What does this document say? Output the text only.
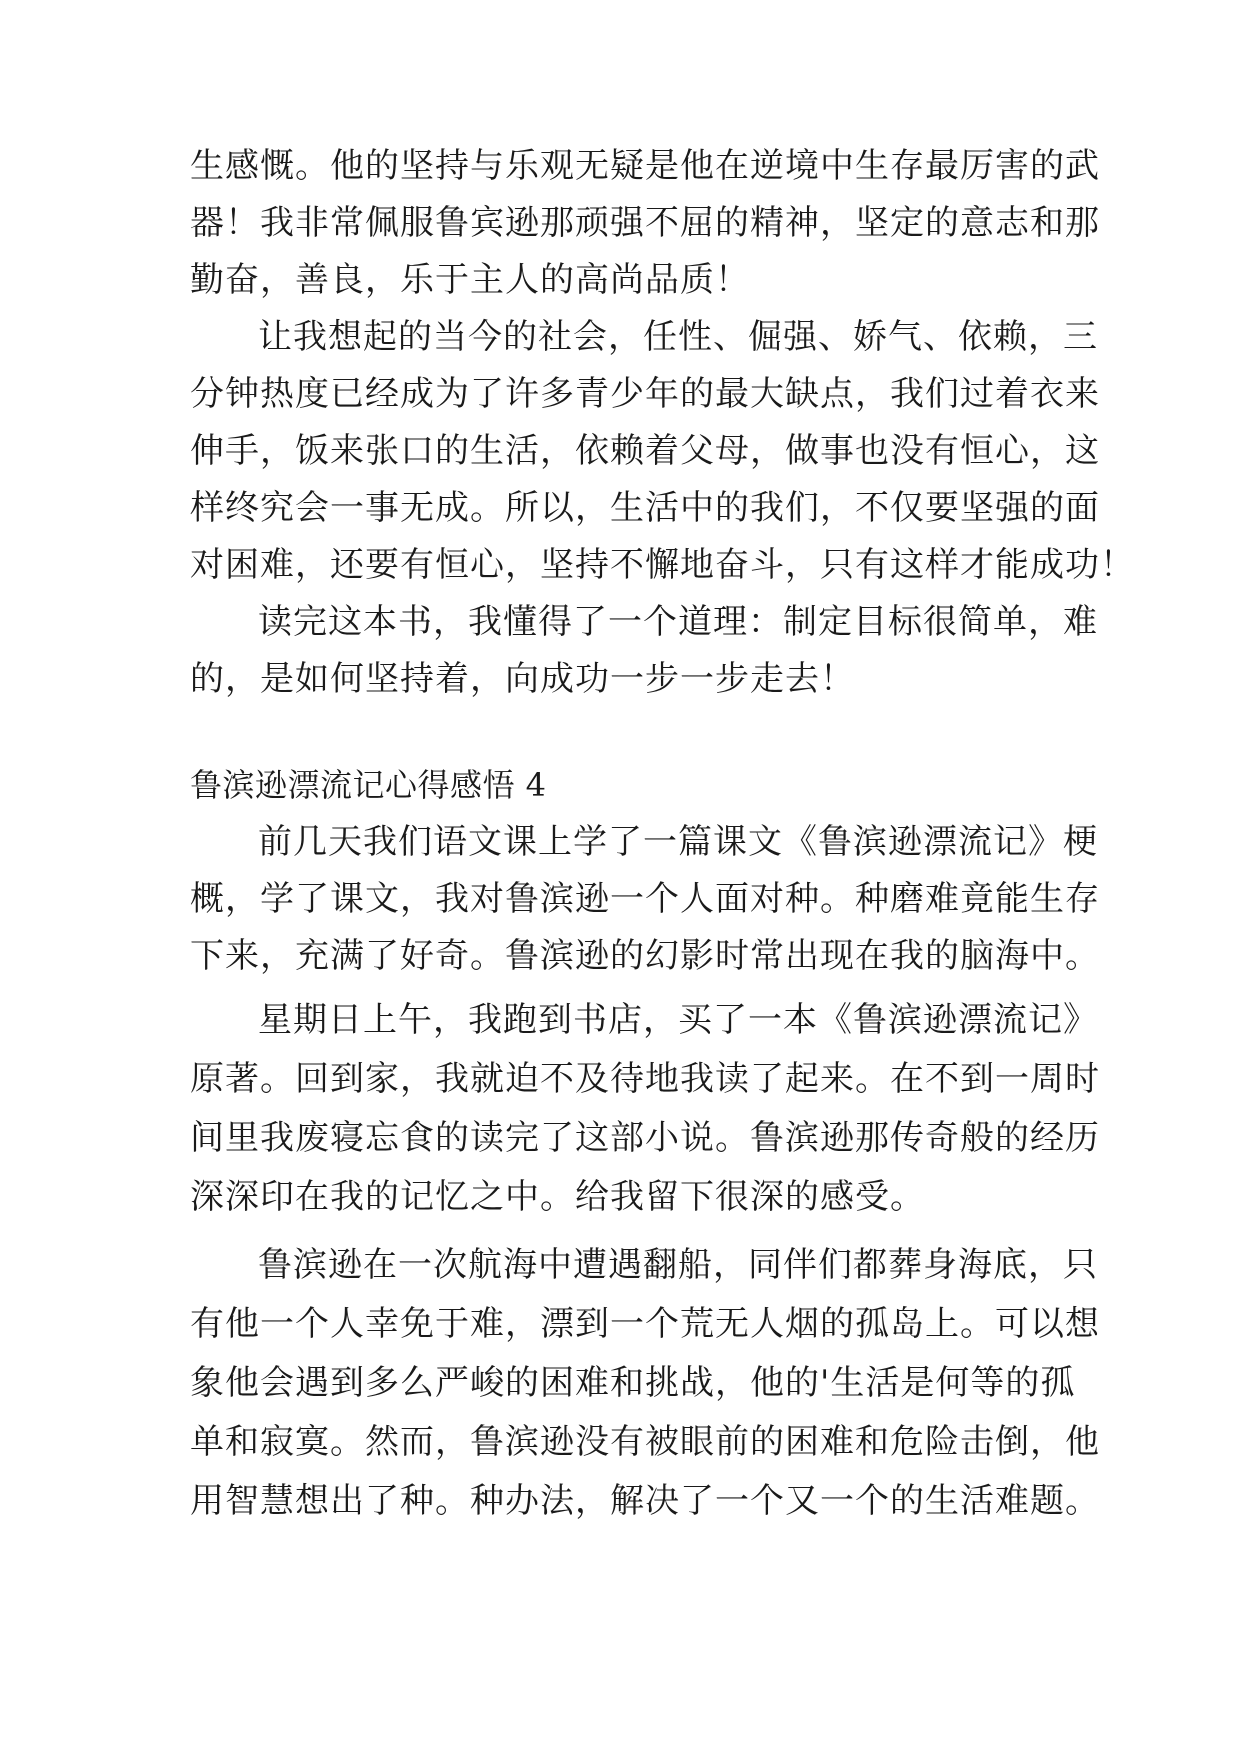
生感慨。他的坚持与乐观无疑是他在逆境中生存最厉害的武
器！我非常佩服鲁宾逊那顽强不屈的精神，坚定的意志和那
勤奋，善良，乐于主人的高尚品质！
让我想起的当今的社会，任性、倔强、娇气、依赖，三
分钟热度已经成为了许多青少年的最大缺点，我们过着衣来
伸手，饭来张口的生活，依赖着父母，做事也没有恒心，这
样终究会一事无成。所以，生活中的我们，不仅要坚强的面
对困难，还要有恒心，坚持不懈地奋斗，只有这样才能成功！
读完这本书，我懂得了一个道理：制定目标很简单，难
的，是如何坚持着，向成功一步一步走去！
鲁滨逊漂流记心得感悟 4
前几天我们语文课上学了一篇课文《鲁滨逊漂流记》梗
概，学了课文，我对鲁滨逊一个人面对种。种磨难竟能生存
下来，充满了好奇。鲁滨逊的幻影时常出现在我的脑海中。
星期日上午，我跑到书店，买了一本《鲁滨逊漂流记》
原著。回到家，我就迫不及待地我读了起来。在不到一周时
间里我废寝忘食的读完了这部小说。鲁滨逊那传奇般的经历
深深印在我的记忆之中。给我留下很深的感受。
鲁滨逊在一次航海中遭遇翻船，同伴们都葬身海底，只
有他一个人幸免于难，漂到一个荒无人烟的孤岛上。可以想
象他会遇到多么严峻的困难和挑战，他的'生活是何等的孤
单和寂寞。然而，鲁滨逊没有被眼前的困难和危险击倒，他
用智慧想出了种。种办法，解决了一个又一个的生活难题。
